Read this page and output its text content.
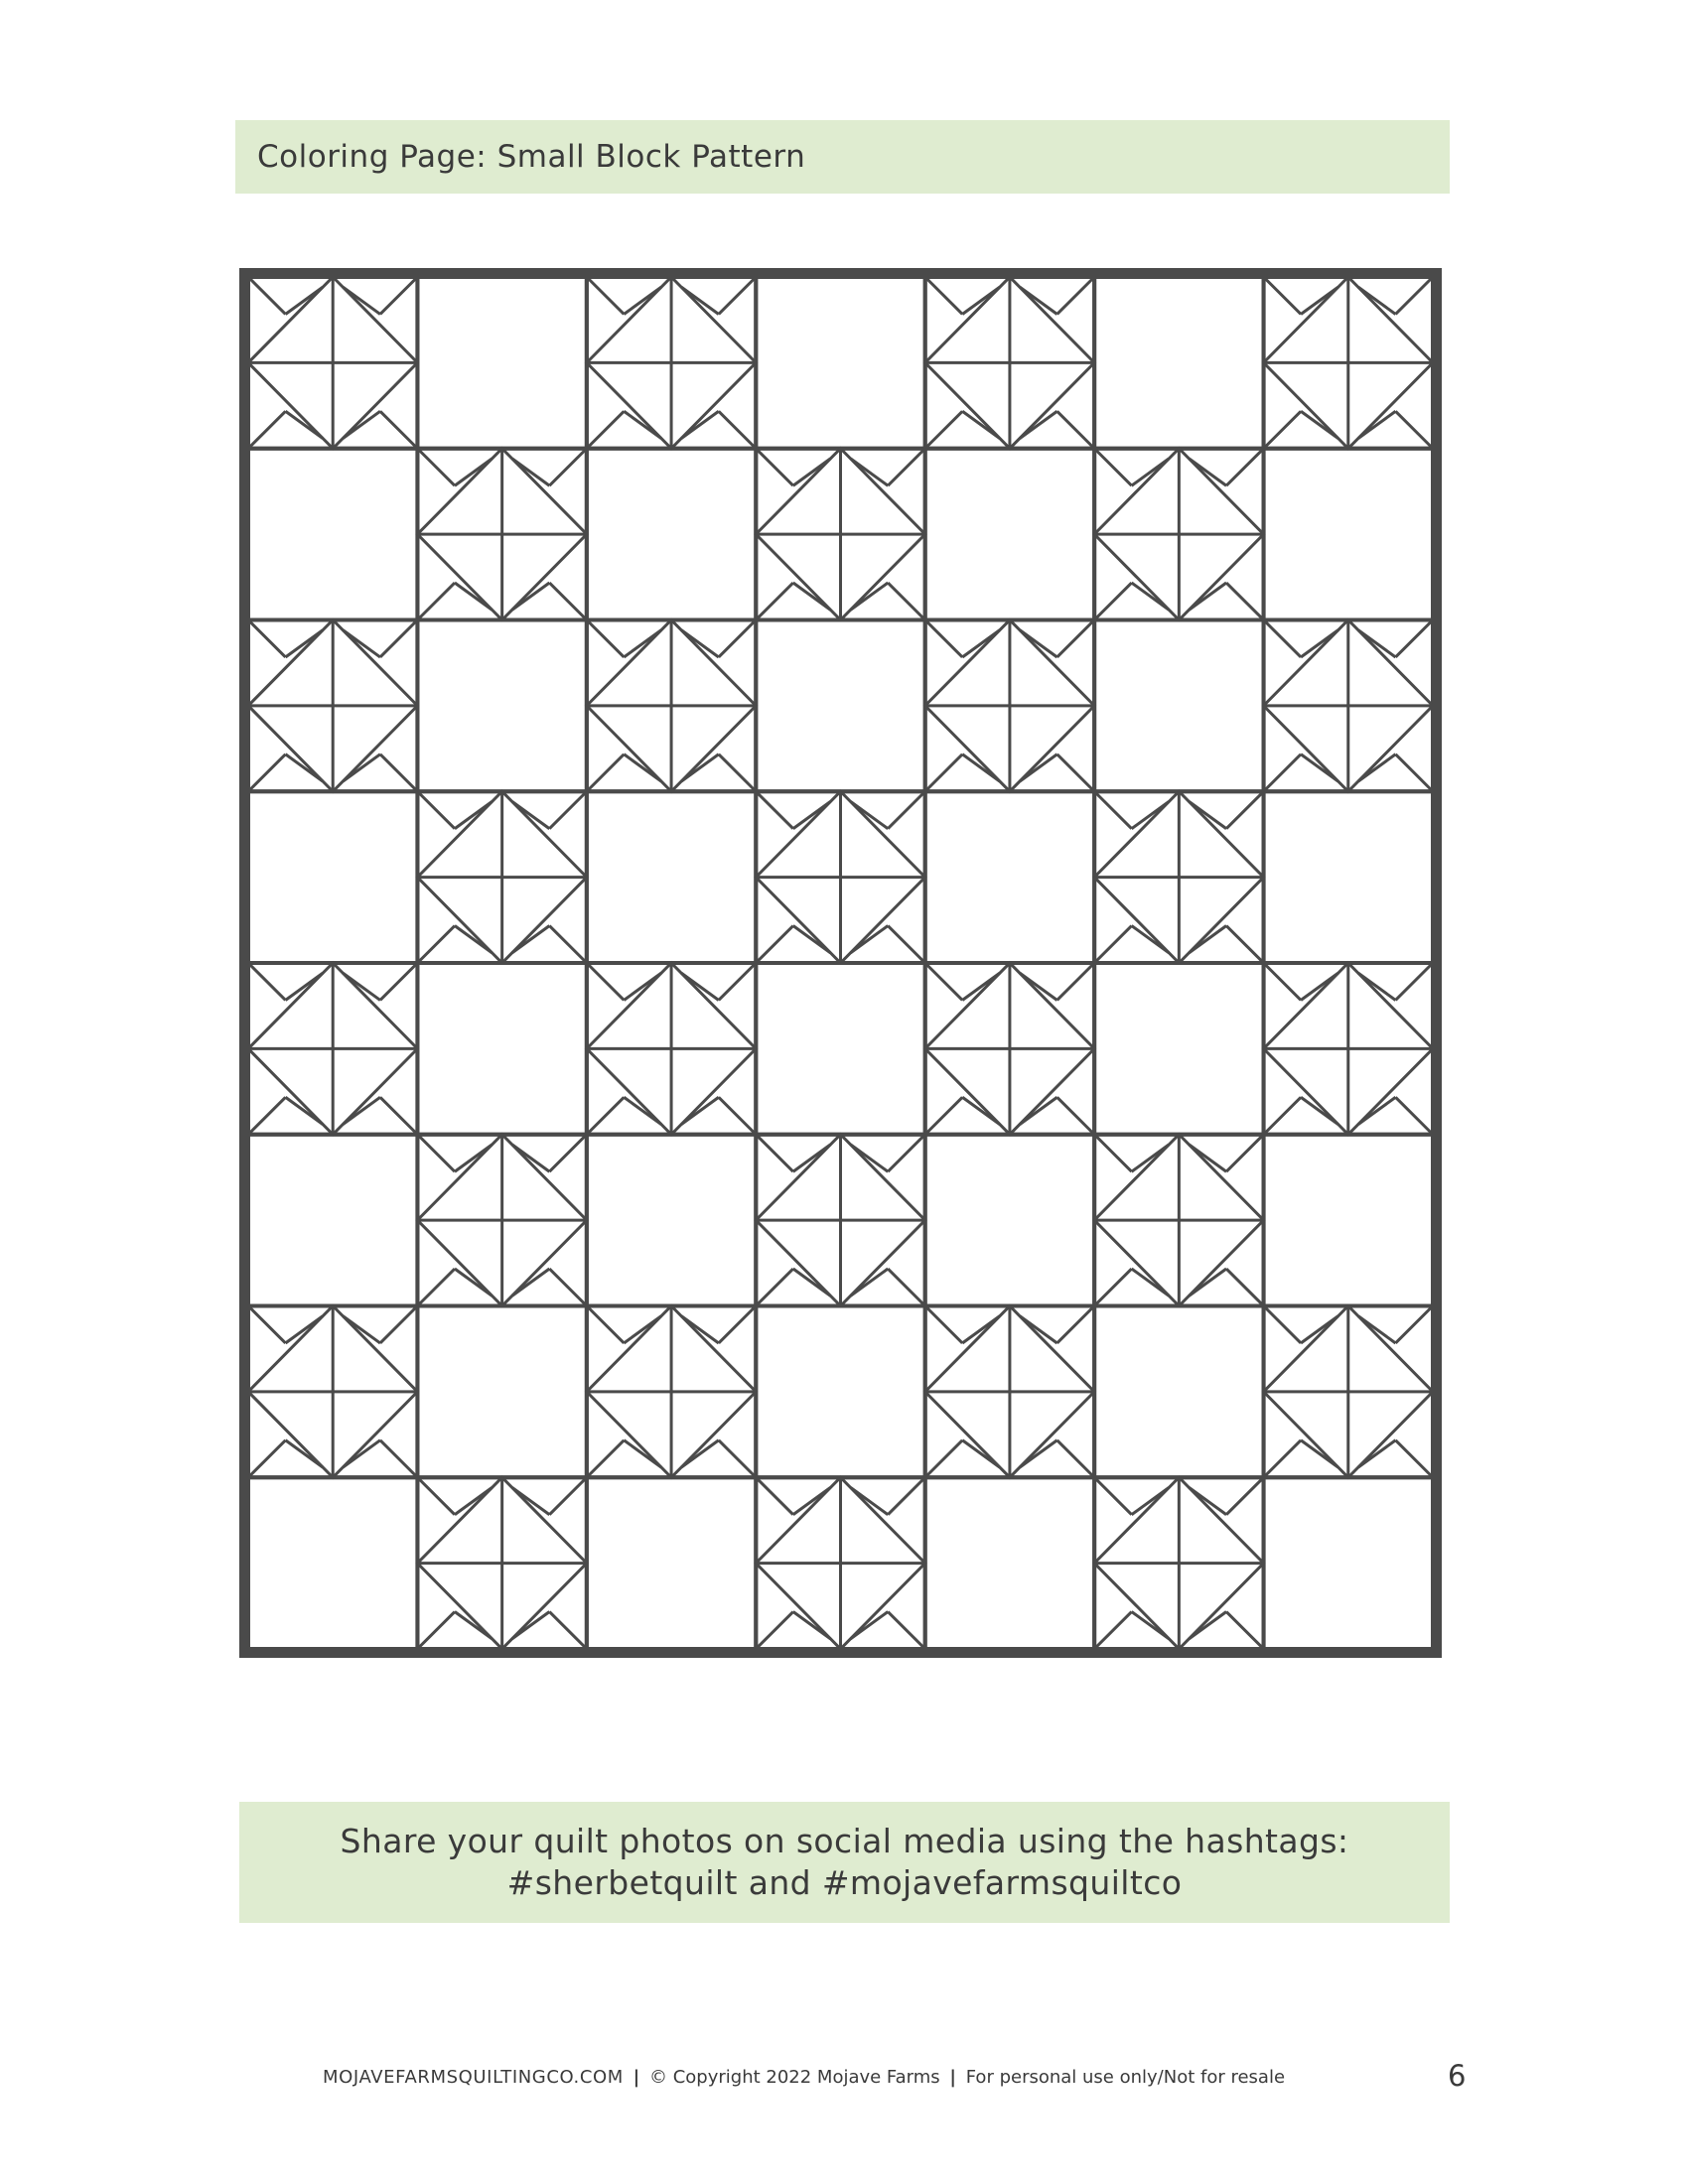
Coloring Page: Small Block Pattern
Share your quilt photos on social media using the hashtags:
#sherbetquilt and #mojavefarmsquiltco
MOJAVEFARMSQUILTINGCO.COM | © Copyright 2022 Mojave Farms | For personal use only/Not for resale	6
